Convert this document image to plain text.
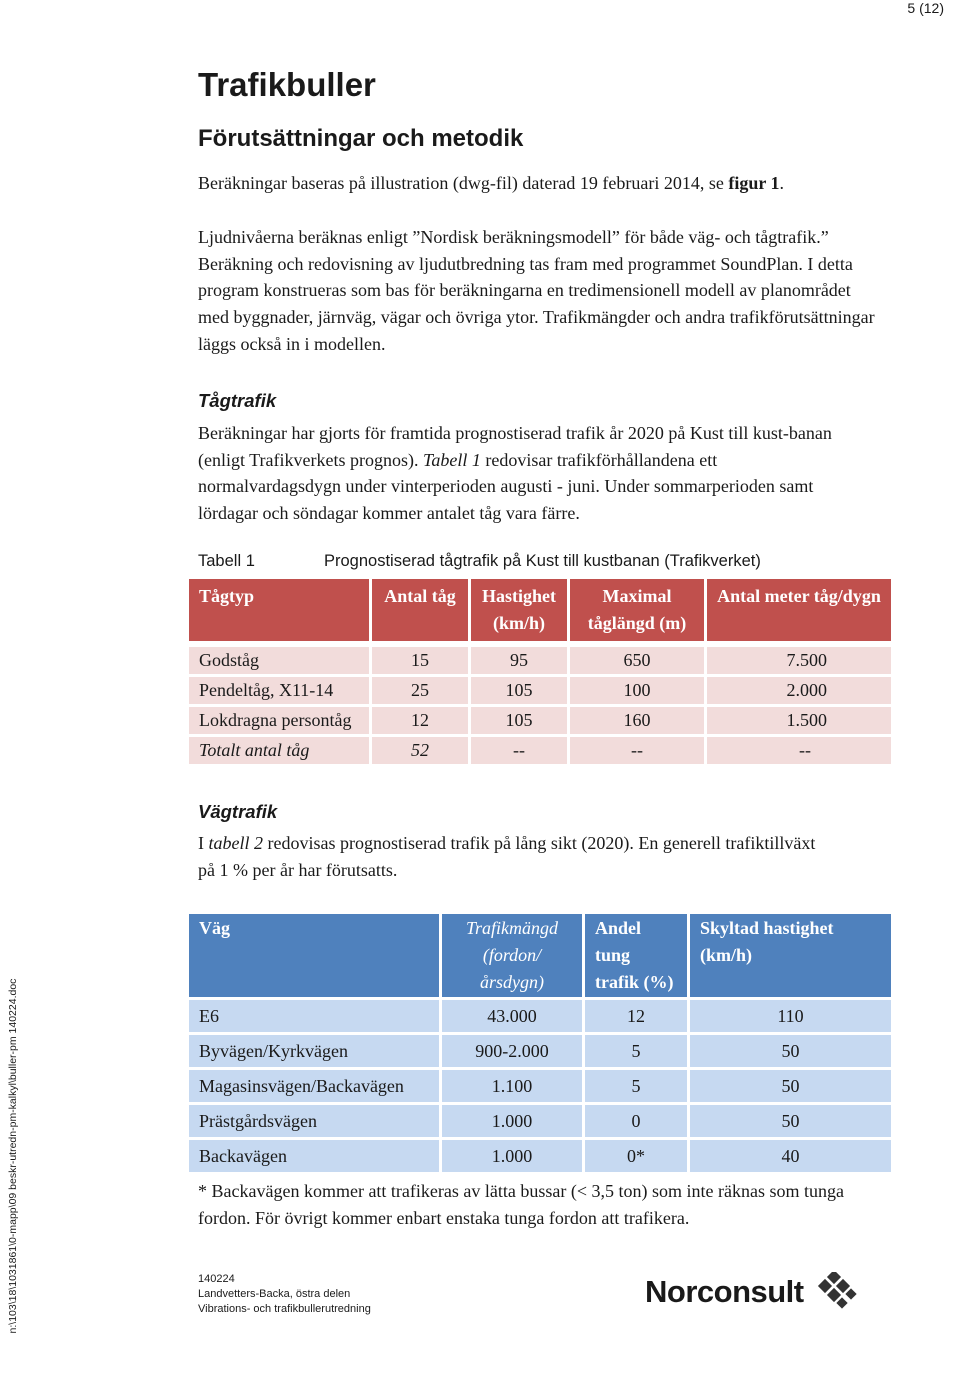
5 (12)
Trafikbuller
Förutsättningar och metodik

Beräkningar baseras på illustration (dwg-fil) daterad 19 februari 2014, se figur 1.

Ljudnivåerna beräknas enligt ”Nordisk beräkningsmodell” för både väg- och tågtrafik.” Beräkning och redovisning av ljudutbredning tas fram med programmet SoundPlan. I detta program konstrueras som bas för beräkningarna en tredimensionell modell av planområdet med byggnader, järnväg, vägar och övriga ytor. Trafikmängder och andra trafikförutsättningar läggs också in i modellen.

Tågtrafik

Beräkningar har gjorts för framtida prognostiserad trafik år 2020 på Kust till kust-banan (enligt Trafikverkets prognos). Tabell 1 redovisar trafikförhållandena ett normalvardagsdygn under vinterperioden augusti - juni. Under sommarperioden samt lördagar och söndagar kommer antalet tåg vara färre.

Tabell 1	Prognostiserad tågtrafik på Kust till kustbanan (Trafikverket)
Tågtyp	Antal tåg	Hastighet (km/h)	Maximal tåglängd (m)	Antal meter tåg/dygn

Godståg	15	95	650	7.500
Pendeltåg, X11-14	25	105	100	2.000
Lokdragna persontåg	12	105	160	1.500
Totalt antal tåg	52	--	--	--
Vägtrafik

I tabell 2 redovisas prognostiserad trafik på lång sikt (2020). En generell trafiktillväxt på 1 % per år har förutsatts.

Väg	Trafikmängd (fordon/årsdygn)	Andel tung trafik (%)	Skyltad hastighet (km/h)
E6	43.000	12	110
Byvägen/Kyrkvägen	900-2.000	5	50
Magasinsvägen/Backavägen	1.100	5	50
Prästgårdsvägen	1.000	0	50
Backavägen	1.000	0*	40

* Backavägen kommer att trafikeras av lätta bussar (< 3,5 ton) som inte räknas som tunga fordon. För övrigt kommer enbart enstaka tunga fordon att trafikera.

140224
Landvetters-Backa, östra delen
Vibrations- och trafikbullerutredning	Norconsult
n:\103\18\1031861\0-mapp\09 beskr-utredn-pm-kalkyl\buller-pm 140224.doc
